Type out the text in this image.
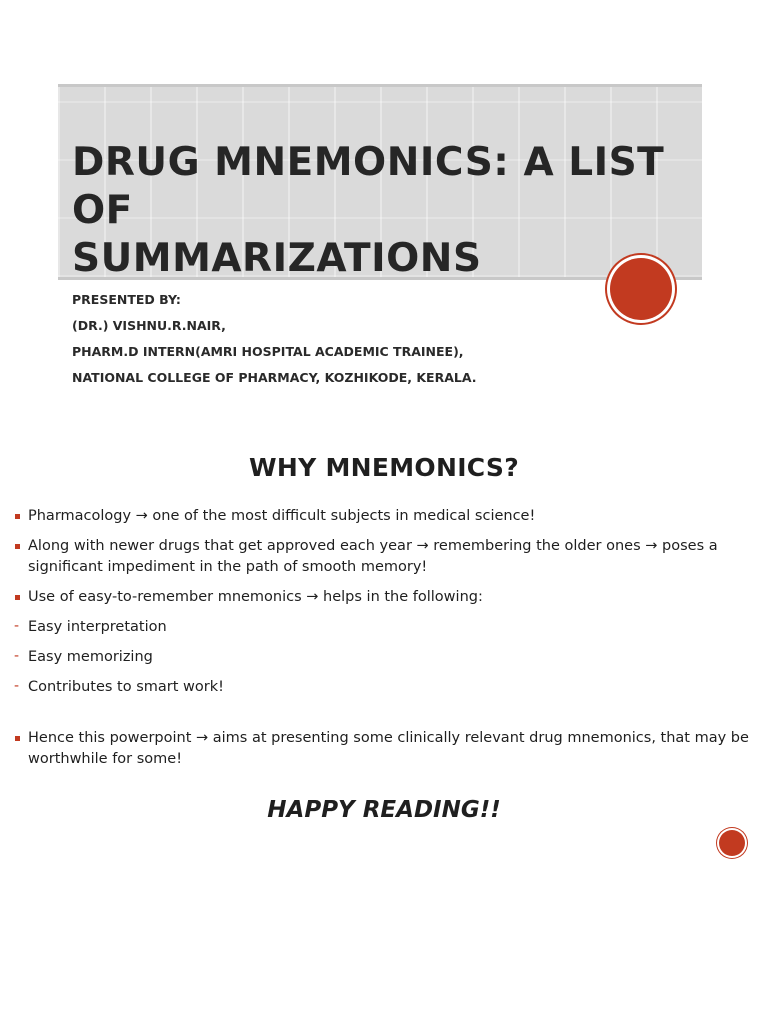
DRUG MNEMONICS: A LIST OF
SUMMARIZATIONS
PRESENTED BY:
(DR.) VISHNU.R.NAIR,
PHARM.D INTERN(AMRI HOSPITAL ACADEMIC TRAINEE),
NATIONAL COLLEGE OF PHARMACY, KOZHIKODE, KERALA.
WHY MNEMONICS?
Pharmacology → one of the most difficult subjects in medical science!
Along with newer drugs that get approved each year → remembering the older ones → poses a significant impediment in the path of smooth memory!
Use of easy-to-remember mnemonics → helps in the following:
- Easy interpretation
- Easy memorizing
- Contributes to smart work!
Hence this powerpoint → aims at presenting some clinically relevant drug mnemonics, that may be worthwhile for some!
HAPPY READING!!
